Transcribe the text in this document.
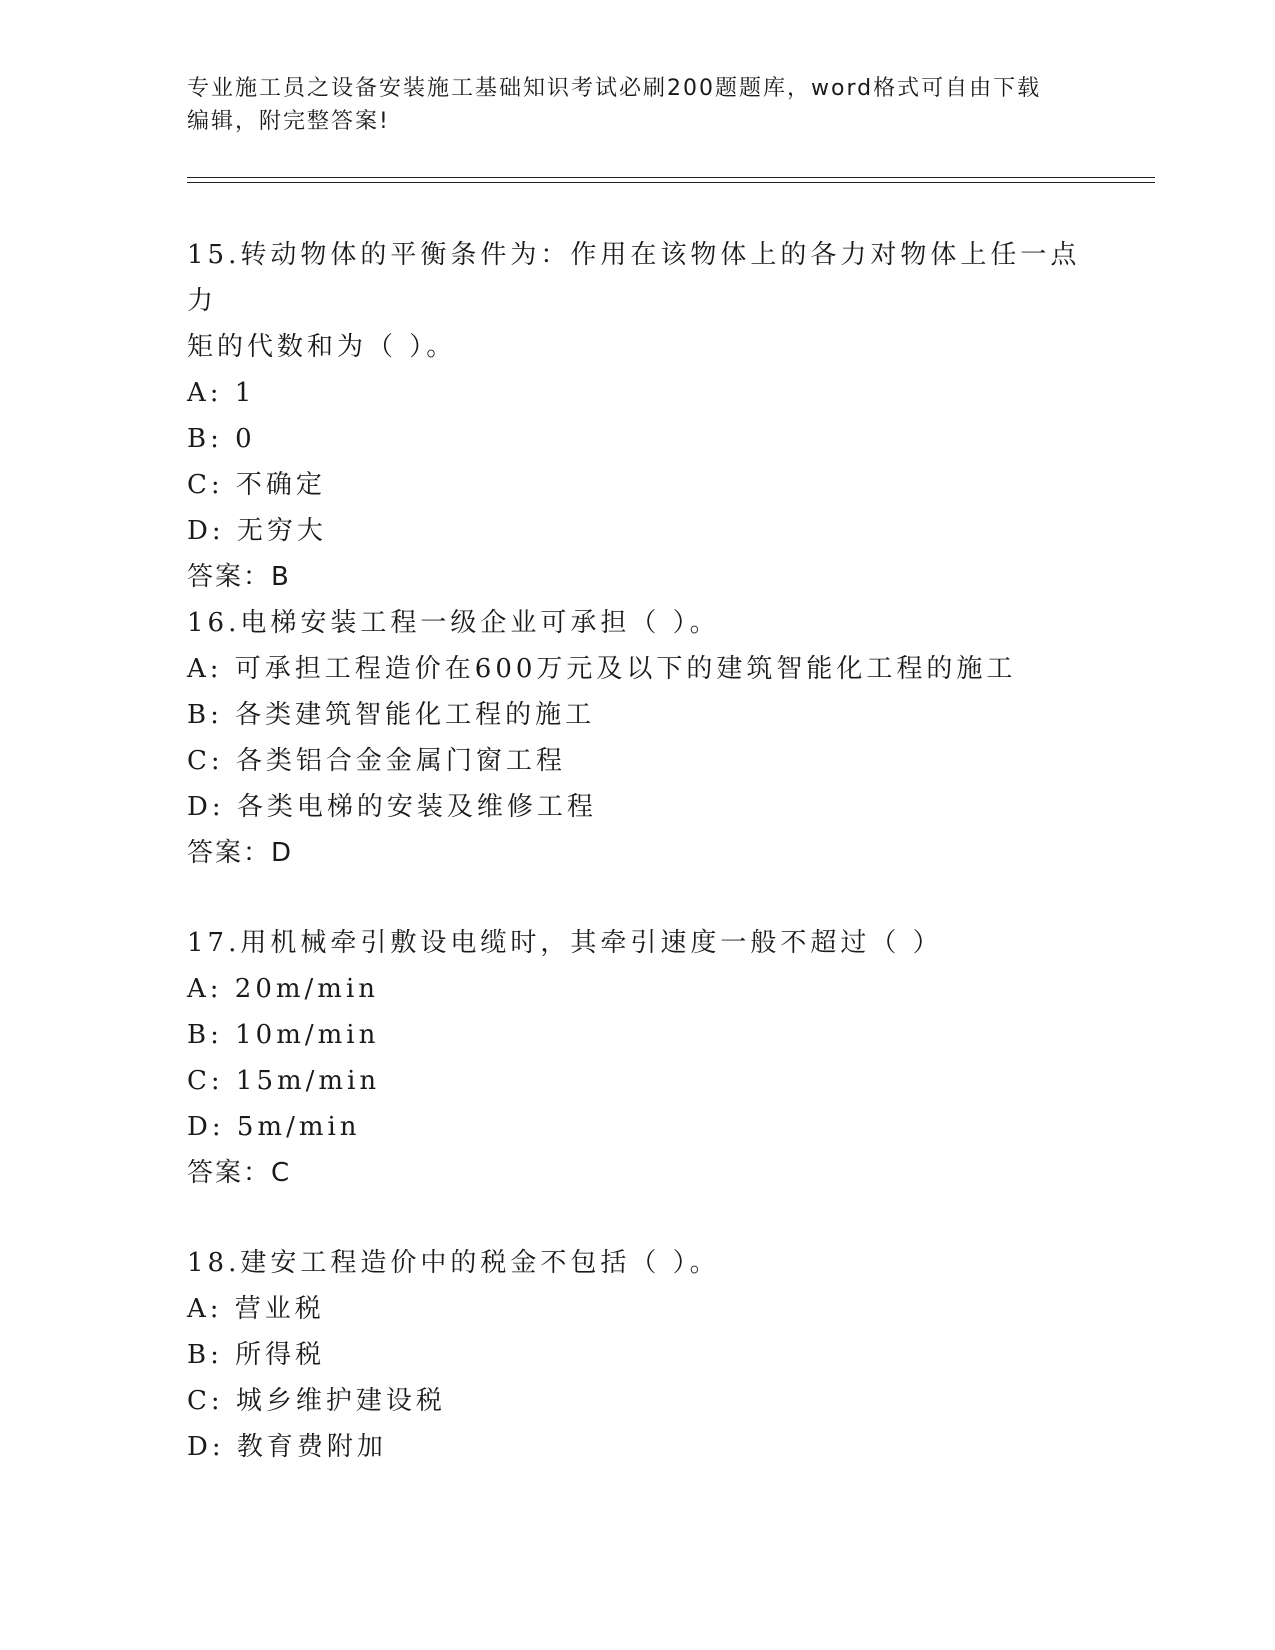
专业施工员之设备安装施工基础知识考试必刷200题题库，word格式可自由下载
编辑，附完整答案!
15.转动物体的平衡条件为：作用在该物体上的各力对物体上任一点力
矩的代数和为（ ）。
A: 1
B: 0
C: 不确定
D: 无穷大
答案：B
16.电梯安装工程一级企业可承担（ ）。
A: 可承担工程造价在600万元及以下的建筑智能化工程的施工
B: 各类建筑智能化工程的施工
C: 各类铝合金金属门窗工程
D: 各类电梯的安装及维修工程
答案：D
17.用机械牵引敷设电缆时，其牵引速度一般不超过（ ）
A: 20m/min
B: 10m/min
C: 15m/min
D: 5m/min
答案：C
18.建安工程造价中的税金不包括（ ）。
A: 营业税
B: 所得税
C: 城乡维护建设税
D: 教育费附加
